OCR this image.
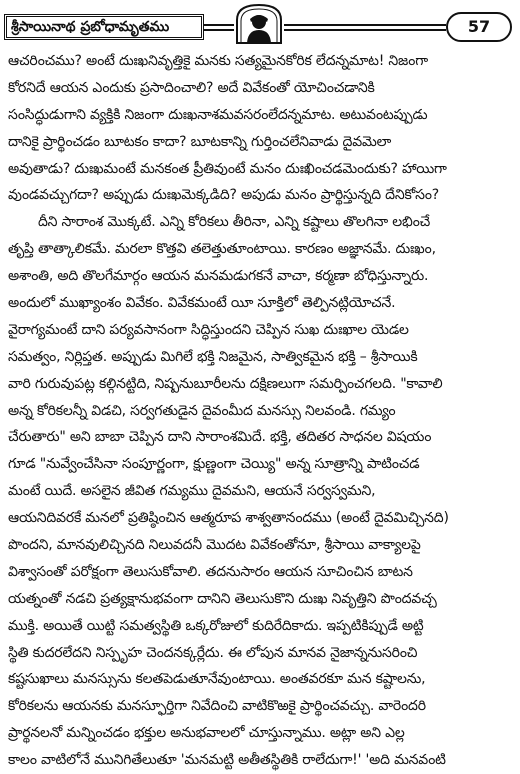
శ్రీసాయినాథ ప్రబోధామృతము	57
ఆచరించము? అంటే దుఃఖనివృత్తికై మనకు సత్యమైనకోరిక లేదన్నమాట! నిజంగా
కోరనిదే ఆయన ఎందుకు ప్రసాదించాలి? అదే వివేకంతో యోచించడానికి
సంసిద్ధుడుగాని వ్యక్తికి నిజంగా దుఃఖనాశమవసరంలేదన్నమాట. అటువంటప్పుడు
దానికై ప్రార్థించడం బూటకం కాదా? బూటకాన్ని గుర్తించలేనివాడు దైవమెలా
అవుతాడు? దుఃఖమంటే మనకంత ప్రీతివుంటే మనం దుఃఖించడమెందుకు? హాయిగా
వుండవచ్చుగదా? అప్పుడు దుఃఖమెక్కడిది? అపుడు మనం ప్రార్థిస్తున్నది దేనికోసం?
దీని సారాంశ మొక్కటే. ఎన్ని కోరికలు తీరినా, ఎన్ని కష్టాలు తొలగినా లభించే
తృప్తి తాత్కాలికమే. మరలా కొత్తవి తలెత్తుతూంటాయి. కారణం అజ్ఞానమే. దుఃఖం,
అశాంతి, అది తొలగేమార్గం ఆయన మనమడుగకనే వాచా, కర్మణా బోధిస్తున్నారు.
అందులో ముఖ్యాంశం వివేకం. వివేకమంటే యీ సూక్తిలో తెల్పినట్లియోచనే.
వైరాగ్యమంటే దాని పర్యవసానంగా సిద్ధిస్తుందని చెప్పిన సుఖ దుఃఖాల యెడల
సమత్వం, నిర్లిప్తత. అప్పుడు మిగిలే భక్తి నిజమైన, సాత్వికమైన భక్తి – శ్రీసాయికి
వారి గురువుపట్ల కల్గినట్టిది, నిష్పనుబూరీలను దక్షిణలుగా సమర్పించగలది. "కావాలి
అన్న కోరికలన్నీ విడచి, సర్వగతుడైన దైవంమీద మనస్సు నిలవండి. గమ్యం
చేరుతారు" అని బాబా చెప్పిన దాని సారాంశమిదే. భక్తి, తదితర సాధనల విషయం
గూడ "నువ్వేంచేసినా సంపూర్ణంగా, క్షుణ్ణంగా చెయ్యి" అన్న సూత్రాన్ని పాటించడ
మంటే యిదే. అసలైన జీవిత గమ్యము దైవమని, ఆయనే సర్వస్వమని,
ఆయనిదివరకే మనలో ప్రతిష్ఠించిన ఆత్మరూప శాశ్వతానందము (అంటే దైవమిచ్చినది)
పొందని, మానవులిచ్చినది నిలువదనీ మొదట వివేకంతోనూ, శ్రీసాయి వాక్యాలపై
విశ్వాసంతో పరోక్షంగా తెలుసుకోవాలి. తదనుసారం ఆయన సూచించిన బాటన
యత్నంతో నడచి ప్రత్యక్షానుభవంగా దానిని తెలుసుకొని దుఃఖ నివృత్తిని పొందవచ్చ
ముక్తి. అయితే యిట్టి సమత్వస్థితి ఒక్కరోజులో కుదిరేదికాదు. ఇప్పటికిప్పుడే అట్టి
స్థితి కుదరలేదని నిస్పృహ చెందనక్కర్లేదు. ఈ లోపున మానవ నైజాన్ననుసరించి
కష్టసుఖాలు మనస్సును కలతపెడుతూనేవుంటాయి. అంతవరకూ మన కష్టాలను,
కోరికలను ఆయనకు మనస్ఫూర్తిగా నివేదించి వాటికొఱకై ప్రార్థించవచ్చు. వారెందరి
ప్రార్థనలనో మన్నించడం భక్తుల అనుభవాలలో చూస్తున్నాము. అట్లా అని ఎల్ల
కాలం వాటిలోనే మునిగితేలుతూ 'మనమట్టి అతీతస్థితికి రాలేదుగా!' 'అది మనవంటి
